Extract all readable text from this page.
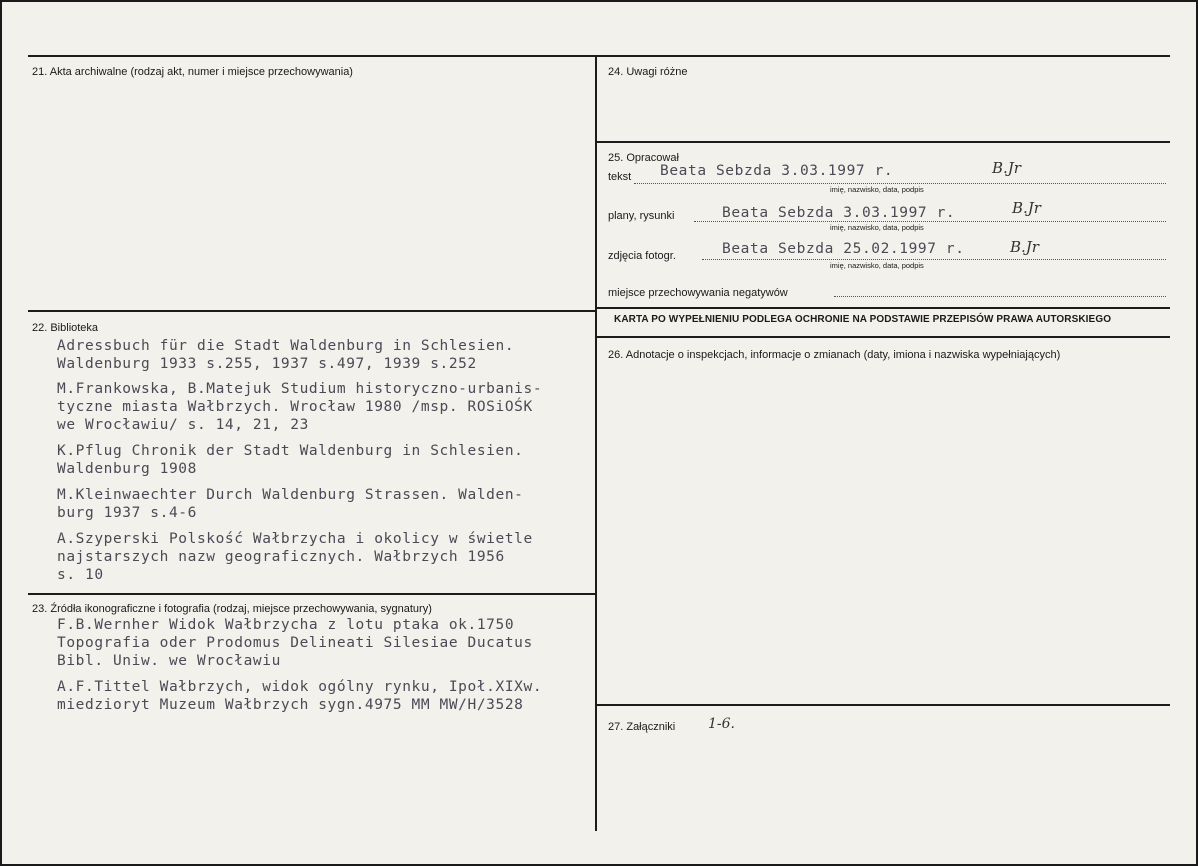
21. Akta archiwalne (rodzaj akt, numer i miejsce przechowywania)
22. Biblioteka
Adressbuch für die Stadt Waldenburg in Schlesien.
Waldenburg 1933 s.255, 1937 s.497, 1939 s.252
M.Frankowska, B.Matejuk Studium historyczno-urbanis-
tyczne miasta Wałbrzych. Wrocław 1980 /msp. ROSiOŚK
we Wrocławiu/ s. 14, 21, 23
K.Pflug Chronik der Stadt Waldenburg in Schlesien.
Waldenburg 1908
M.Kleinwaechter Durch Waldenburg Strassen. Walden-
burg 1937 s.4-6
A.Szyperski Polskość Wałbrzycha i okolicy w świetle
najstarszych nazw geograficznych. Wałbrzych 1956
s. 10
23. Źródła ikonograficzne i fotografia (rodzaj, miejsce przechowywania, sygnatury)
F.B.Wernher Widok Wałbrzycha z lotu ptaka ok.1750
Topografia oder Prodomus Delineati Silesiae Ducatus
Bibl. Uniw. we Wrocławiu
A.F.Tittel Wałbrzych, widok ogólny rynku, Ipoł.XIXw.
miedzioryt Muzeum Wałbrzych sygn.4975 MM MW/H/3528
24. Uwagi różne
25. Opracował
tekst Beata Sebzda 3.03.1997 r.	B.Jr
imię, nazwisko, data, podpis
plany, rysunki	Beata Sebzda 3.03.1997 r.	B.Jr
imię, nazwisko, data, podpis
zdjęcia fotogr.	Beata Sebzda 25.02.1997 r.	B.Jr
imię, nazwisko, data, podpis
miejsce przechowywania negatywów
KARTA PO WYPEŁNIENIU PODLEGA OCHRONIE NA PODSTAWIE PRZEPISÓW PRAWA AUTORSKIEGO
26. Adnotacje o inspekcjach, informacje o zmianach (daty, imiona i nazwiska wypełniających)
27. Załączniki 1-6.
